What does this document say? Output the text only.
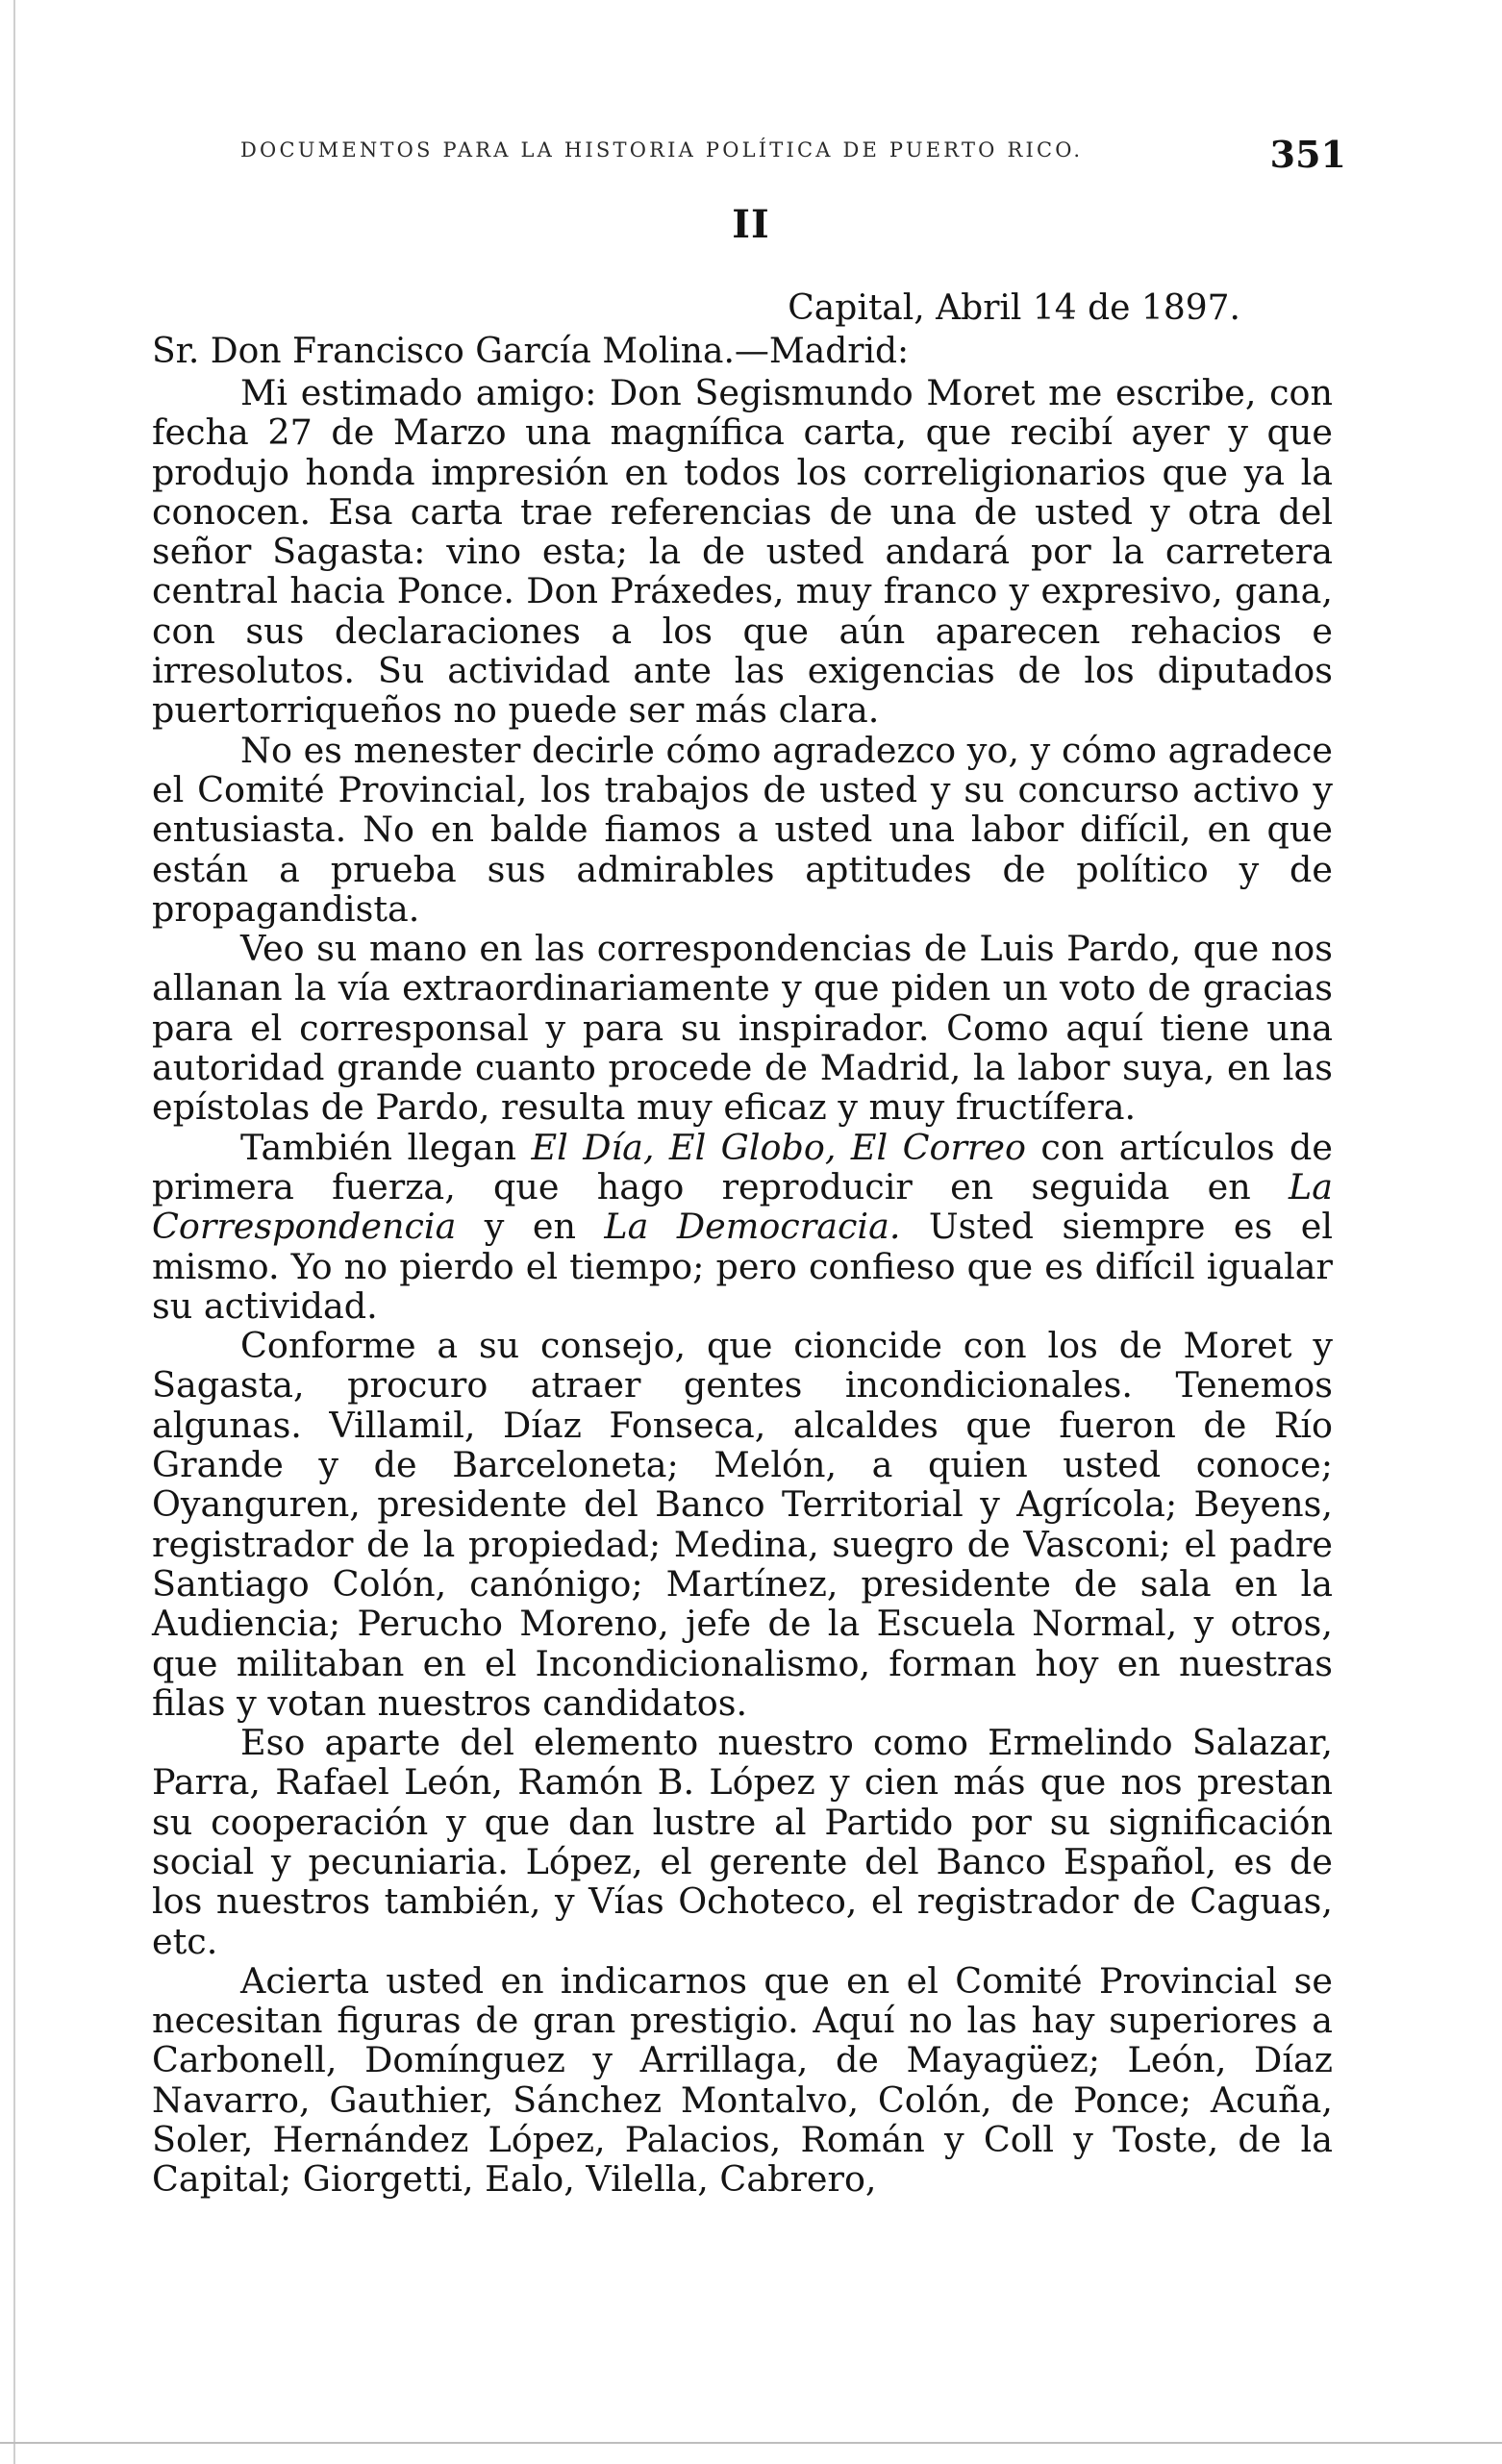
DOCUMENTOS PARA LA HISTORIA POLÍTICA DE PUERTO RICO.	351
II
Capital, Abril 14 de 1897.
Sr. Don Francisco García Molina.—Madrid:

Mi estimado amigo: Don Segismundo Moret me escribe, con fecha 27 de Marzo una magnífica carta, que recibí ayer y que produjo honda impresión en todos los correligionarios que ya la conocen. Esa carta trae referencias de una de usted y otra del señor Sagasta: vino esta; la de usted andará por la carretera central hacia Ponce. Don Práxedes, muy franco y expresivo, gana, con sus declaraciones a los que aún aparecen rehacios e irresolutos. Su actividad ante las exigencias de los diputados puertorriqueños no puede ser más clara.

No es menester decirle cómo agradezco yo, y cómo agradece el Comité Provincial, los trabajos de usted y su concurso activo y entusiasta. No en balde fiamos a usted una labor difícil, en que están a prueba sus admirables aptitudes de político y de propagandista.

Veo su mano en las correspondencias de Luis Pardo, que nos allanan la vía extraordinariamente y que piden un voto de gracias para el corresponsal y para su inspirador. Como aquí tiene una autoridad grande cuanto procede de Madrid, la labor suya, en las epístolas de Pardo, resulta muy eficaz y muy fructífera.

También llegan El Día, El Globo, El Correo con artículos de primera fuerza, que hago reproducir en seguida en La Correspondencia y en La Democracia. Usted siempre es el mismo. Yo no pierdo el tiempo; pero confieso que es difícil igualar su actividad.

Conforme a su consejo, que cioncide con los de Moret y Sagasta, procuro atraer gentes incondicionales. Tenemos algunas. Villamil, Díaz Fonseca, alcaldes que fueron de Río Grande y de Barceloneta; Melón, a quien usted conoce; Oyanguren, presidente del Banco Territorial y Agrícola; Beyens, registrador de la propiedad; Medina, suegro de Vasconi; el padre Santiago Colón, canónigo; Martínez, presidente de sala en la Audiencia; Perucho Moreno, jefe de la Escuela Normal, y otros, que militaban en el Incondicionalismo, forman hoy en nuestras filas y votan nuestros candidatos.

Eso aparte del elemento nuestro como Ermelindo Salazar, Parra, Rafael León, Ramón B. López y cien más que nos prestan su cooperación y que dan lustre al Partido por su significación social y pecuniaria. López, el gerente del Banco Español, es de los nuestros también, y Vías Ochoteco, el registrador de Caguas, etc.

Acierta usted en indicarnos que en el Comité Provincial se necesitan figuras de gran prestigio. Aquí no las hay superiores a Carbonell, Domínguez y Arrillaga, de Mayagüez; León, Díaz Navarro, Gauthier, Sánchez Montalvo, Colón, de Ponce; Acuña, Soler, Hernández López, Palacios, Román y Coll y Toste, de la Capital; Giorgetti, Ealo, Vilella, Cabrero,
